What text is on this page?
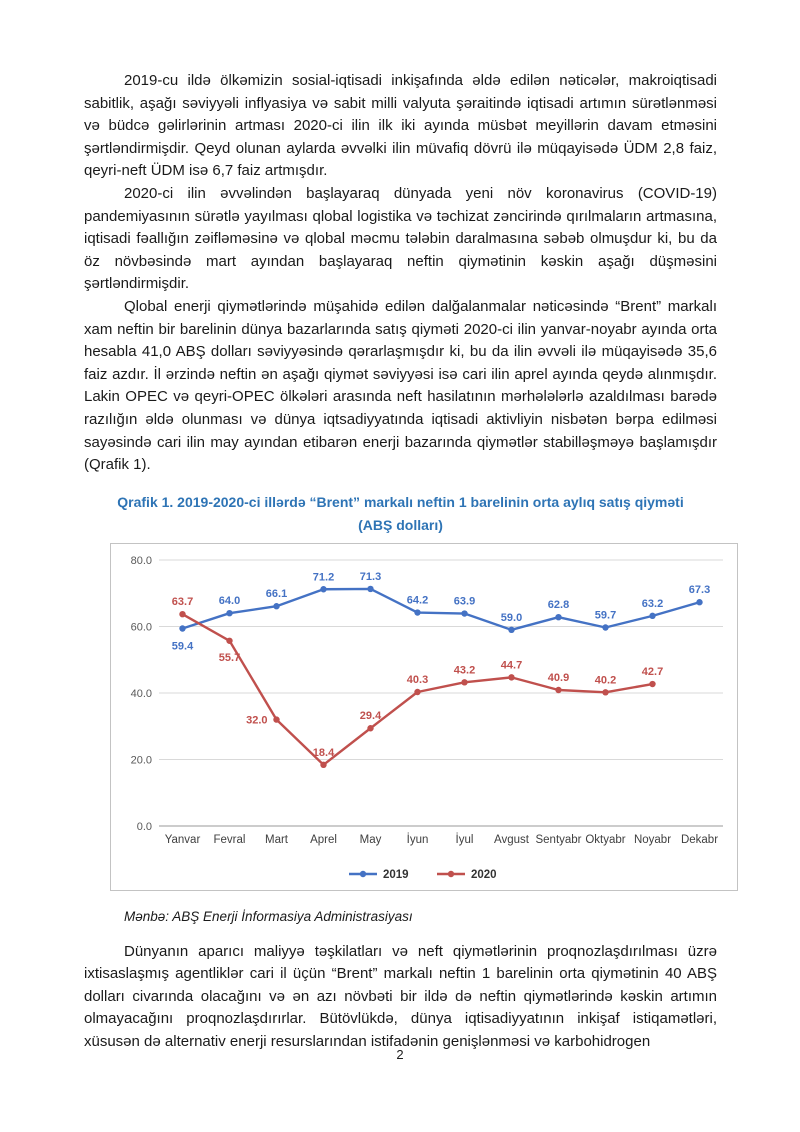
2019-cu ildə ölkəmizin sosial-iqtisadi inkişafında əldə edilən nəticələr, makroiqtisadi sabitlik, aşağı səviyyəli inflyasiya və sabit milli valyuta şəraitində iqtisadi artımın sürətlənməsi və büdcə gəlirlərinin artması 2020-ci ilin ilk iki ayında müsbət meyillərin davam etməsini şərtləndirmişdir. Qeyd olunan aylarda əvvəlki ilin müvafiq dövrü ilə müqayisədə ÜDM 2,8 faiz, qeyri-neft ÜDM isə 6,7 faiz artmışdır.

2020-ci ilin əvvəlindən başlayaraq dünyada yeni növ koronavirus (COVID-19) pandemiyasının sürətlə yayılması qlobal logistika və təchizat zəncirində qırılmaların artmasına, iqtisadi fəallığın zəifləməsinə və qlobal məcmu tələbin daralmasına səbəb olmuşdur ki, bu da öz növbəsində mart ayından başlayaraq neftin qiymətinin kəskin aşağı düşməsini şərtləndirmişdir.

Qlobal enerji qiymətlərində müşahidə edilən dalğalanmalar nəticəsində “Brent” markalı xam neftin bir barelinin dünya bazarlarında satış qiyməti 2020-ci ilin yanvar-noyabr ayında orta hesabla 41,0 ABŞ dolları səviyyəsində qərarlaşmışdır ki, bu da ilin əvvəli ilə müqayisədə 35,6 faiz azdır. İl ərzində neftin ən aşağı qiymət səviyyəsi isə cari ilin aprel ayında qeydə alınmışdır. Lakin OPEC və qeyri-OPEC ölkələri arasında neft hasilatının mərhələlərlə azaldılması barədə razılığın əldə olunması və dünya iqtsadiyyatında iqtisadi aktivliyin nisbətən bərpa edilməsi sayəsində cari ilin may ayından etibarən enerji bazarında qiymətlər stabilləşməyə başlamışdır (Qrafik 1).

Qrafik 1. 2019-2020-ci illərdə “Brent” markalı neftin 1 barelinin orta aylıq satış qiyməti
(ABŞ dolları)
0.0
20.0
40.0
60.0
80.0
Yanvar Fevral Mart Aprel May İyun İyul Avgust Sentyabr Oktyabr Noyabr Dekabr
59.4
64.0
66.1
71.2 71.3
64.2 63.9
59.0
62.8
59.7
63.2
67.3
63.7
55.7
32.0
18.4
29.4
40.3
43.2 44.7
40.9 40.2
42.7
2019	2020

Mənbə: ABŞ Enerji İnformasiya Administrasiyası

Dünyanın aparıcı maliyyə təşkilatları və neft qiymətlərinin proqnozlaşdırılması üzrə ixtisaslaşmış agentliklər cari il üçün “Brent” markalı neftin 1 barelinin orta qiymətinin 40 ABŞ dolları civarında olacağını və ən azı növbəti bir ildə də neftin qiymətlərində kəskin artımın olmayacağını proqnozlaşdırırlar. Bütövlükdə, dünya iqtisadiyyatının inkişaf istiqamətləri, xüsusən də alternativ enerji resurslarından istifadənin genişlənməsi və karbohidrogen

2
